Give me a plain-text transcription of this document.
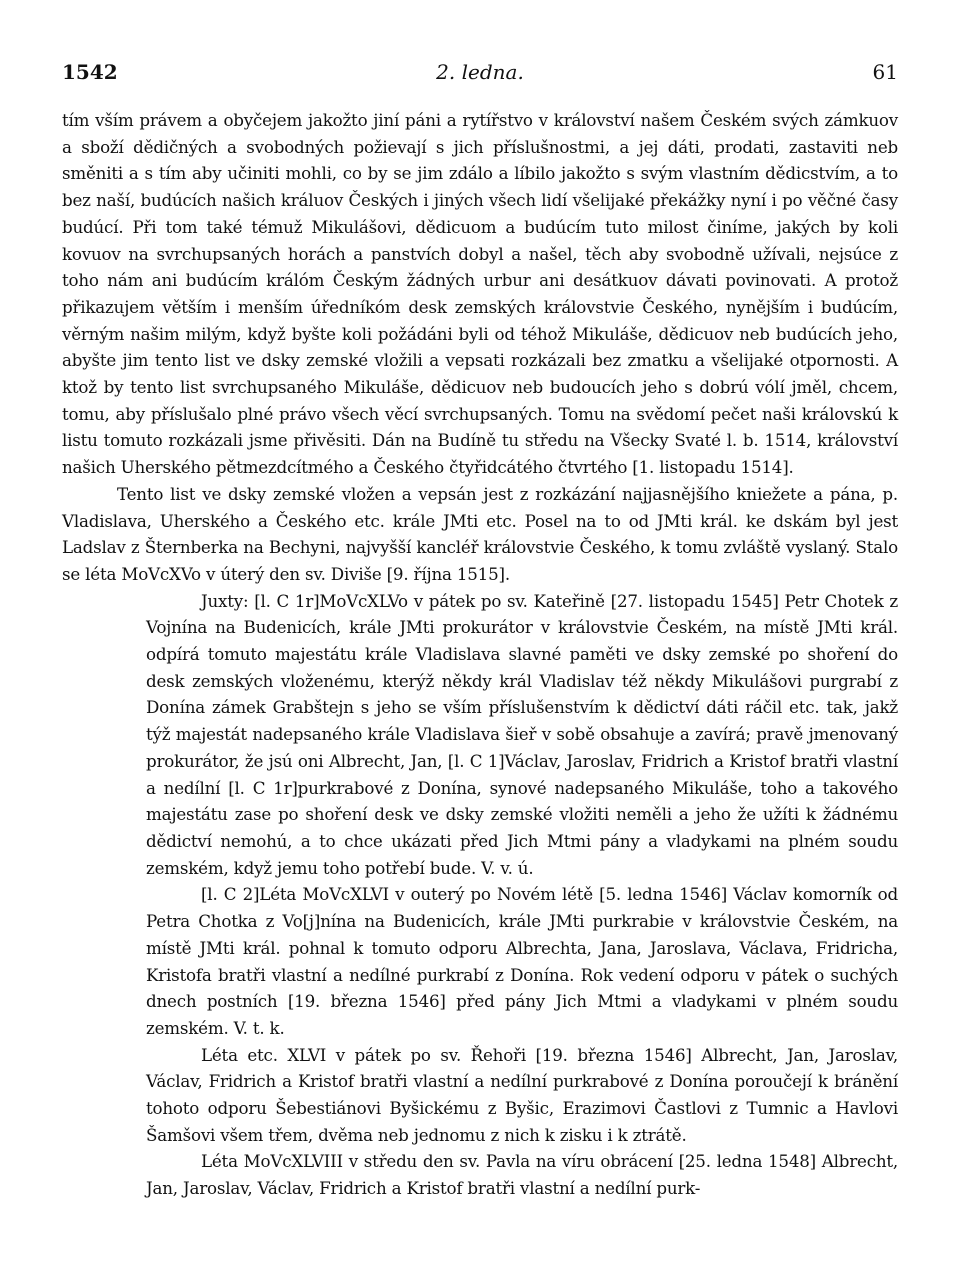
1542	2. ledna.	61

tím vším právem a obyčejem jakožto jiní páni a rytířstvo v království našem Českém svých zámkuov a sboží dědičných a svobodných požievají s jich příslušnostmi, a jej dáti, prodati, zastaviti neb směniti a s tím aby učiniti mohli, co by se jim zdálo a líbilo jakožto s svým vlastním dědicstvím, a to bez naší, budúcích našich králuov Českých i jiných všech lidí všelijaké překážky nyní i po věčné časy budúcí. Při tom také témuž Mikulášovi, dědicuom a budúcím tuto milost činíme, jakých by koli kovuov na svrchupsaných horách a panstvích dobyl a našel, těch aby svobodně užívali, nejsúce z toho nám ani budúcím králóm Českým žádných urbur ani desátkuov dávati povinovati. A protož přikazujem větším i menším úředníkóm desk zemských královstvie Českého, nynějším i budúcím, věrným našim milým, když byšte koli požádáni byli od téhož Mikuláše, dědicuov neb budúcích jeho, abyšte jim tento list ve dsky zemské vložili a vepsati rozkázali bez zmatku a všelijaké otpornosti. A ktož by tento list svrchupsaného Mikuláše, dědicuov neb budoucích jeho s dobrú vólí jměl, chcem, tomu, aby příslušalo plné právo všech věcí svrchupsaných. Tomu na svědomí pečet naši královskú k listu tomuto rozkázali jsme přivěsiti. Dán na Budíně tu středu na Všecky Svaté l. b. 1514, království našich Uherského pětmezdcítmého a Českého čtyřidcátého čtvrtého [1. listopadu 1514].

Tento list ve dsky zemské vložen a vepsán jest z rozkázání najjasnějšího kniežete a pána, p. Vladislava, Uherského a Českého etc. krále JMti etc. Posel na to od JMti král. ke dskám byl jest Ladslav z Šternberka na Bechyni, najvyšší kancléř královstvie Českého, k tomu zvláště vyslaný. Stalo se léta MoVcXVo v úterý den sv. Diviše [9. října 1515].

Juxty: [l. C 1r]MoVcXLVo v pátek po sv. Kateřině [27. listopadu 1545] Petr Chotek z Vojnína na Budenicích, krále JMti prokurátor v královstvie Českém, na místě JMti král. odpírá tomuto majestátu krále Vladislava slavné paměti ve dsky zemské po shoření do desk zemských vloženému, kterýž někdy král Vladislav též někdy Mikulášovi purgrabí z Donína zámek Grabštejn s jeho se vším příslušenstvím k dědictví dáti ráčil etc. tak, jakž týž majestát nadepsaného krále Vladislava šieř v sobě obsahuje a zavírá; pravě jmenovaný prokurátor, že jsú oni Albrecht, Jan, [l. C 1]Václav, Jaroslav, Fridrich a Kristof bratři vlastní a nedílní [l. C 1r]purkrabové z Donína, synové nadepsaného Mikuláše, toho a takového majestátu zase po shoření desk ve dsky zemské vložiti neměli a jeho že užíti k žádnému dědictví nemohú, a to chce ukázati před Jich Mtmi pány a vladykami na plném soudu zemském, když jemu toho potřebí bude. V. v. ú.

[l. C 2]Léta MoVcXLVI v outerý po Novém létě [5. ledna 1546] Václav komorník od Petra Chotka z Vo[j]nína na Budenicích, krále JMti purkrabie v královstvie Českém, na místě JMti král. pohnal k tomuto odporu Albrechta, Jana, Jaroslava, Václava, Fridricha, Kristofa bratři vlastní a nedílné purkrabí z Donína. Rok vedení odporu v pátek o suchých dnech postních [19. března 1546] před pány Jich Mtmi a vladykami v plném soudu zemském. V. t. k.

Léta etc. XLVI v pátek po sv. Řehoři [19. března 1546] Albrecht, Jan, Jaroslav, Václav, Fridrich a Kristof bratři vlastní a nedílní purkrabové z Donína poroučejí k bránění tohoto odporu Šebestiánovi Byšickému z Byšic, Erazimovi Častlovi z Tumnic a Havlovi Šamšovi všem třem, dvěma neb jednomu z nich k zisku i k ztrátě.

Léta MoVcXLVIII v středu den sv. Pavla na víru obrácení [25. ledna 1548] Albrecht, Jan, Jaroslav, Václav, Fridrich a Kristof bratři vlastní a nedílní purk-
